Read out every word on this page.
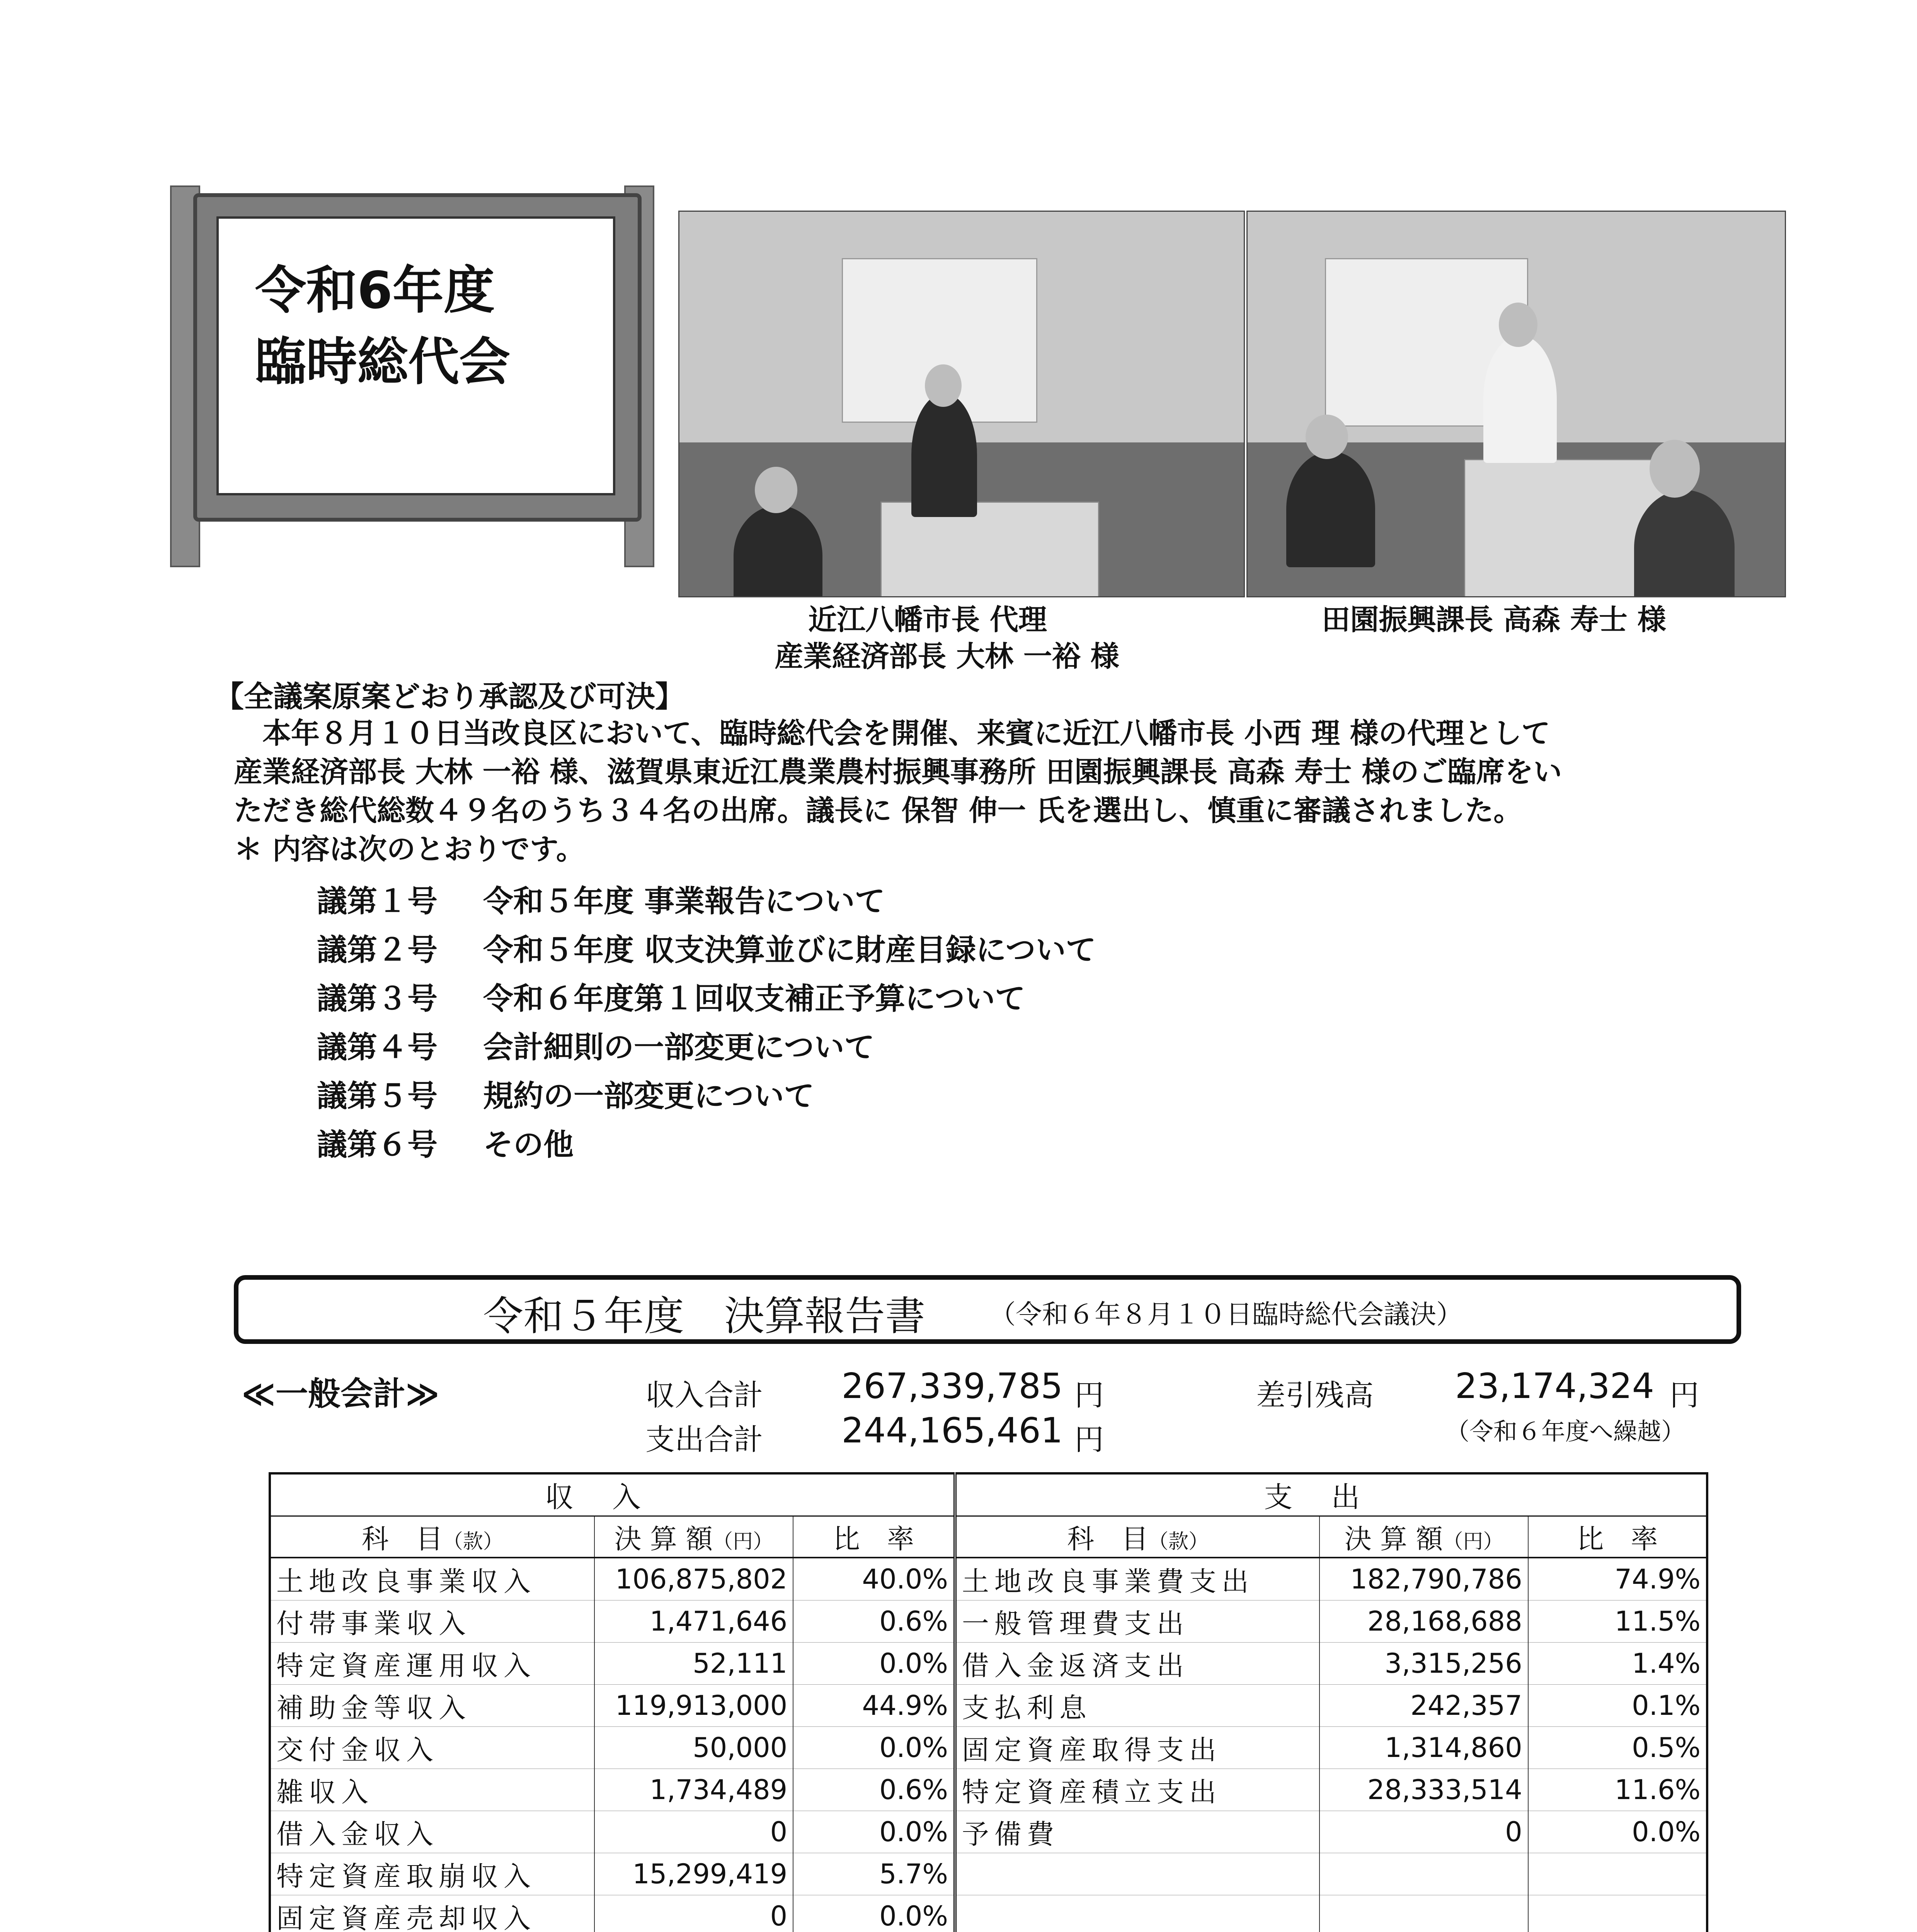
令和6年度
臨時総代会
近江八幡市長 代理
産業経済部長 大林 一裕 様
田園振興課長 高森 寿士 様
【全議案原案どおり承認及び可決】
　本年８月１０日当改良区において、臨時総代会を開催、来賓に近江八幡市長 小西 理 様の代理として
産業経済部長 大林 一裕 様、滋賀県東近江農業農村振興事務所 田園振興課長 高森 寿士 様のご臨席をい
ただき総代総数４９名のうち３４名の出席。議長に 保智 伸一 氏を選出し、慎重に審議されました。
＊ 内容は次のとおりです。
議第１号 令和５年度 事業報告について
議第２号 令和５年度 収支決算並びに財産目録について
議第３号 令和６年度第１回収支補正予算について
議第４号 会計細則の一部変更について
議第５号 規約の一部変更について
議第６号 その他
令和５年度　決算報告書 （令和６年８月１０日臨時総代会議決）
≪一般会計≫	収入合計	267,339,785 円
支出合計	244,165,461 円
差引残高	23,174,324 円
（令和６年度へ繰越）
収入			支出		
科　目（款）	決 算 額（円）	比　率	科　目（款）	決 算 額（円）	比　率
土地改良事業収入	106,875,802	40.0%	土地改良事業費支出	182,790,786	74.9%
付帯事業収入	1,471,646	0.6%	一般管理費支出	28,168,688	11.5%
特定資産運用収入	52,111	0.0%	借入金返済支出	3,315,256	1.4%
補助金等収入	119,913,000	44.9%	支払利息	242,357	0.1%
交付金収入	50,000	0.0%	固定資産取得支出	1,314,860	0.5%
雑収入	1,734,489	0.6%	特定資産積立支出	28,333,514	11.6%
借入金収入	0	0.0%	予備費	0	0.0%
特定資産取崩収入	15,299,419	5.7%			
固定資産売却収入	0	0.0%			
